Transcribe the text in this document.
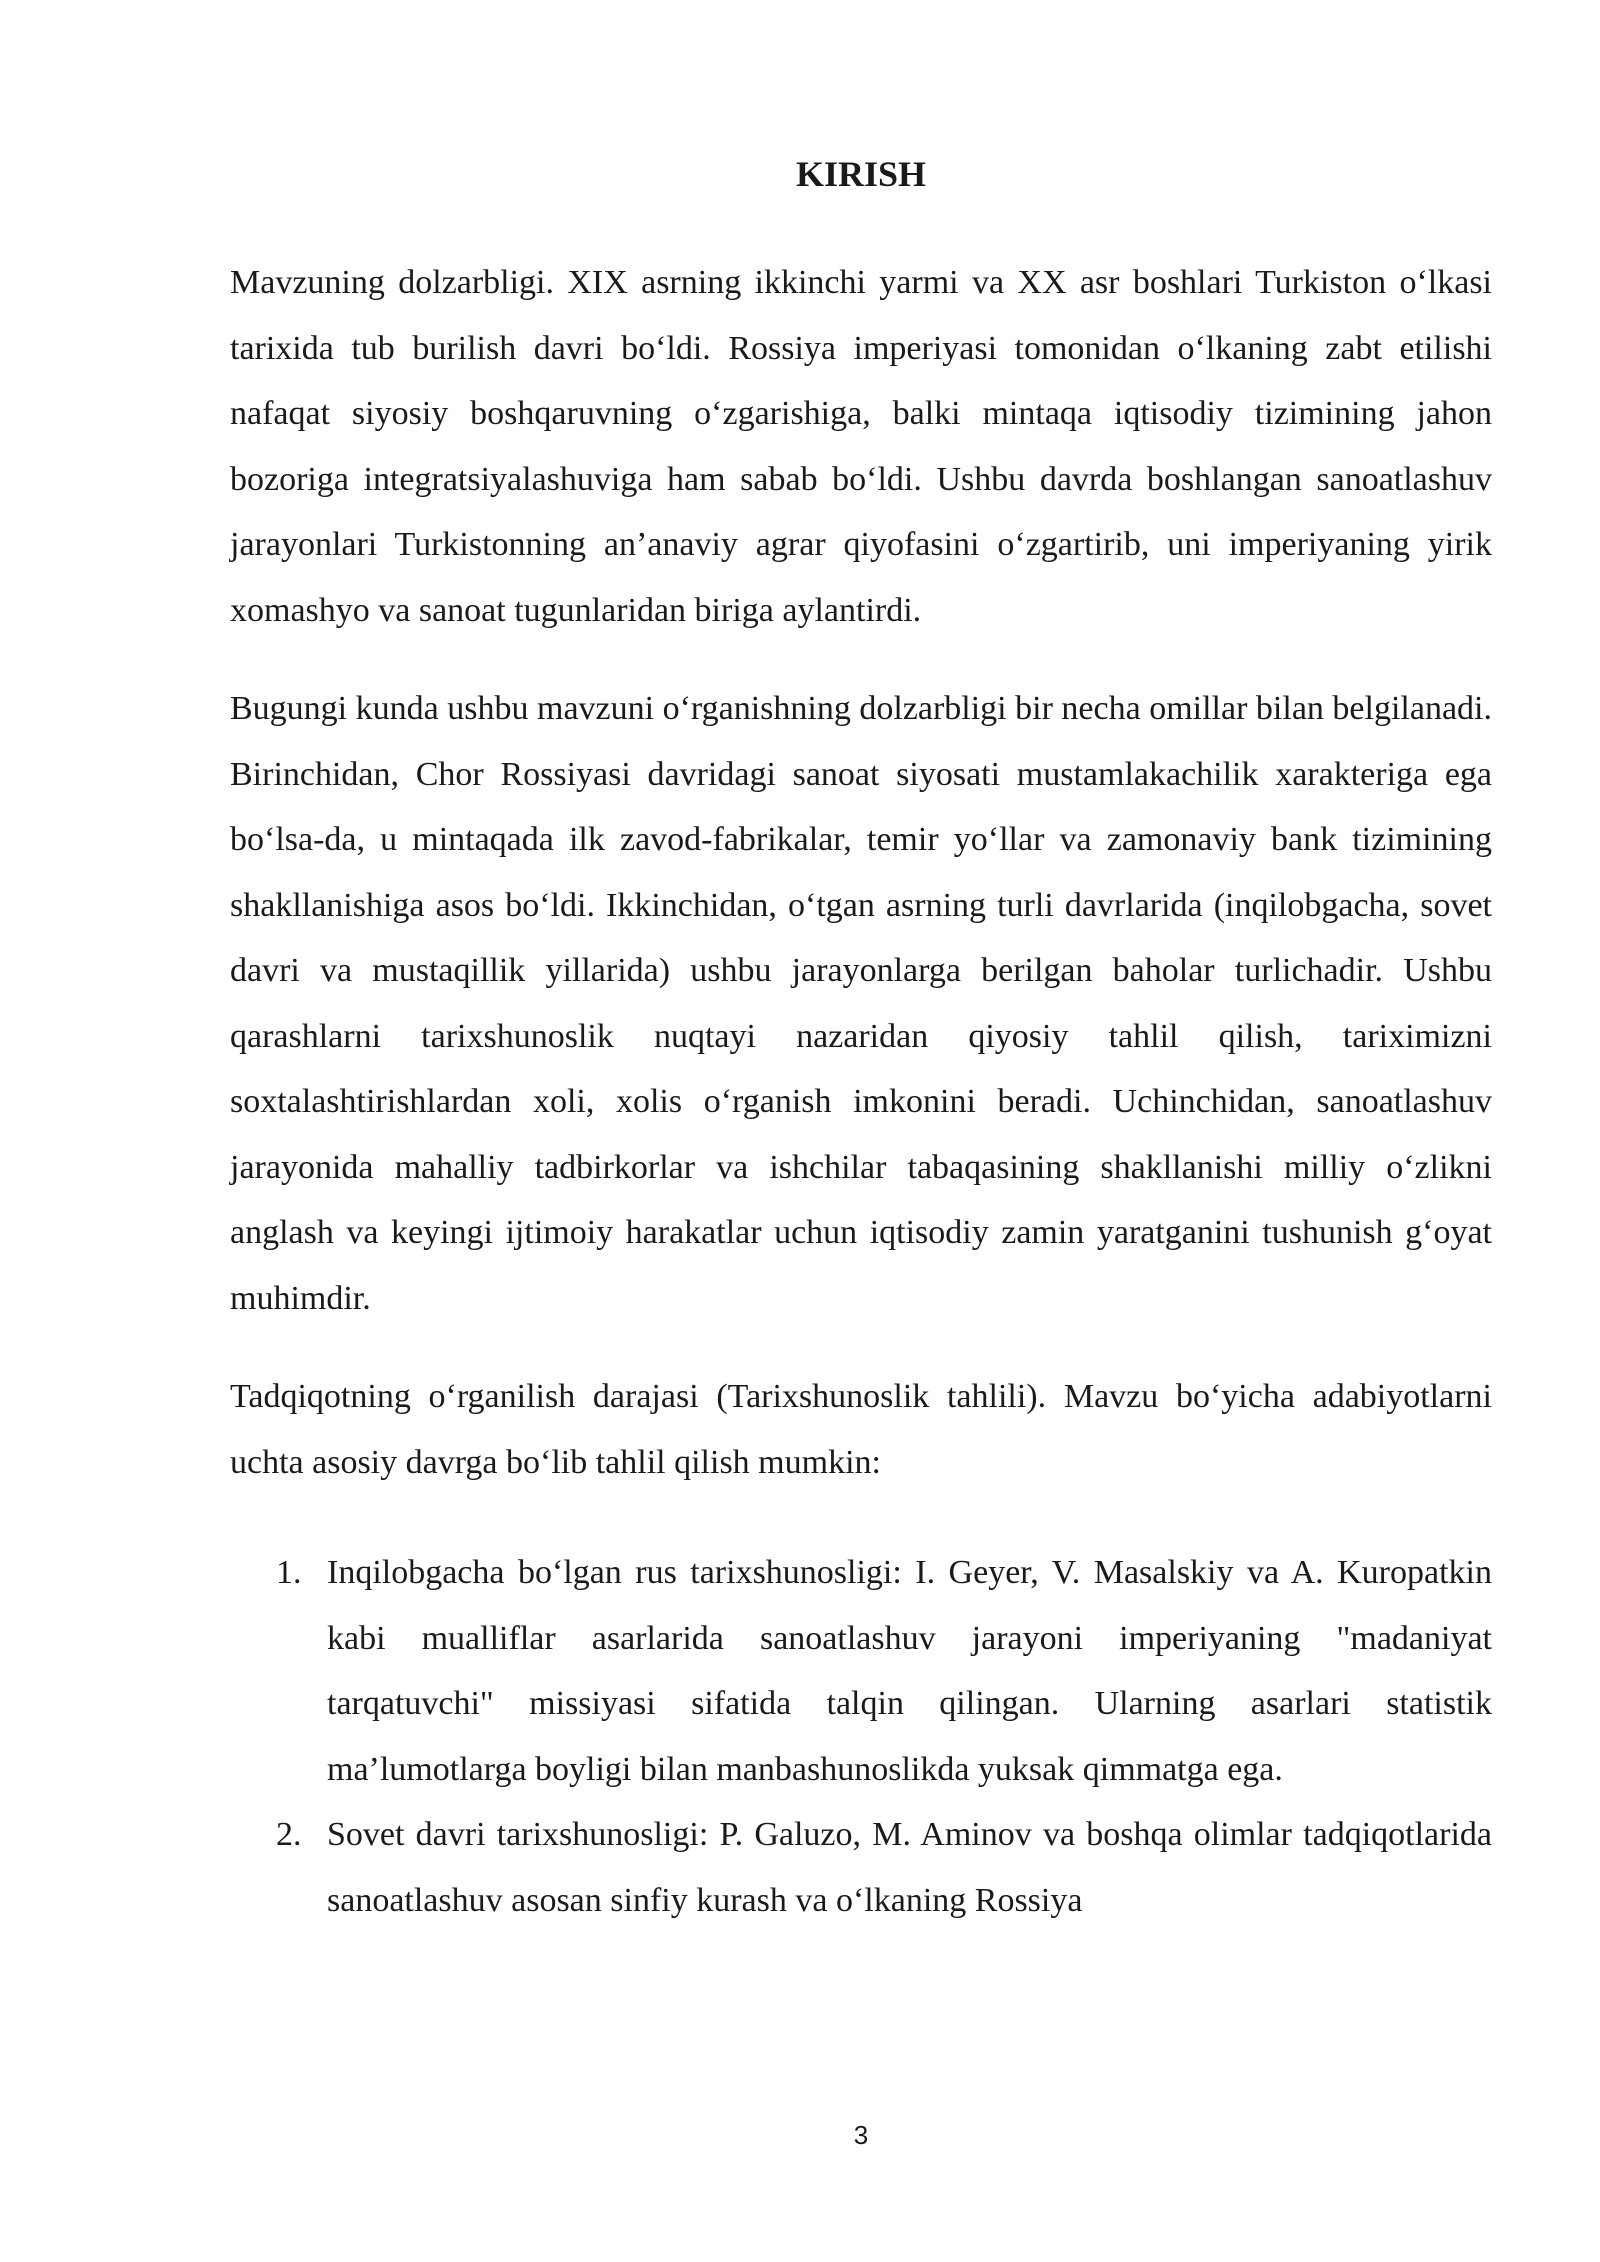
KIRISH

Mavzuning dolzarbligi. XIX asrning ikkinchi yarmi va XX asr boshlari Turkiston oʻlkasi tarixida tub burilish davri boʻldi. Rossiya imperiyasi tomonidan oʻlkaning zabt etilishi nafaqat siyosiy boshqaruvning oʻzgarishiga, balki mintaqa iqtisodiy tizimining jahon bozoriga integratsiyalashuviga ham sabab boʻldi. Ushbu davrda boshlangan sanoatlashuv jarayonlari Turkistonning an’anaviy agrar qiyofasini oʻzgartirib, uni imperiyaning yirik xomashyo va sanoat tugunlaridan biriga aylantirdi.

Bugungi kunda ushbu mavzuni oʻrganishning dolzarbligi bir necha omillar bilan belgilanadi. Birinchidan, Chor Rossiyasi davridagi sanoat siyosati mustamlakachilik xarakteriga ega boʻlsa-da, u mintaqada ilk zavod-fabrikalar, temir yoʻllar va zamonaviy bank tizimining shakllanishiga asos boʻldi. Ikkinchidan, oʻtgan asrning turli davrlarida (inqilobgacha, sovet davri va mustaqillik yillarida) ushbu jarayonlarga berilgan baholar turlichadir. Ushbu qarashlarni tarixshunoslik nuqtayi nazaridan qiyosiy tahlil qilish, tariximizni soxtalashtirishlardan xoli, xolis oʻrganish imkonini beradi. Uchinchidan, sanoatlashuv jarayonida mahalliy tadbirkorlar va ishchilar tabaqasining shakllanishi milliy oʻzlikni anglash va keyingi ijtimoiy harakatlar uchun iqtisodiy zamin yaratganini tushunish gʻoyat muhimdir.

Tadqiqotning oʻrganilish darajasi (Tarixshunoslik tahlili). Mavzu boʻyicha adabiyotlarni uchta asosiy davrga boʻlib tahlil qilish mumkin:

1. Inqilobgacha boʻlgan rus tarixshunosligi: I. Geyer, V. Masalskiy va A. Kuropatkin kabi mualliflar asarlarida sanoatlashuv jarayoni imperiyaning "madaniyat tarqatuvchi" missiyasi sifatida talqin qilingan. Ularning asarlari statistik ma’lumotlarga boyligi bilan manbashunoslikda yuksak qimmatga ega.
2. Sovet davri tarixshunosligi: P. Galuzo, M. Aminov va boshqa olimlar tadqiqotlarida sanoatlashuv asosan sinfiy kurash va oʻlkaning Rossiya
3
